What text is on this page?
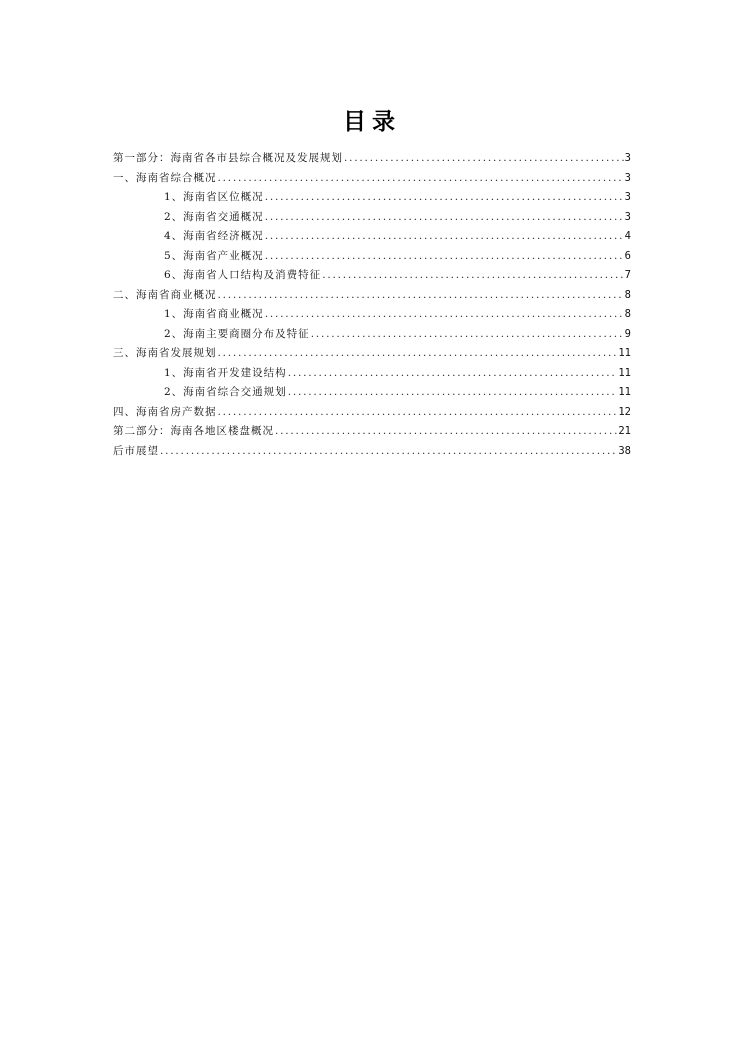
目录
第一部分：海南省各市县综合概况及发展规划 .....	3
一、海南省综合概况 .....	3
1、海南省区位概况 .....	3
2、海南省交通概况 .....	3
4、海南省经济概况 .....	4
5、海南省产业概况 .....	6
6、海南省人口结构及消费特征 .....	7
二、海南省商业概况 .....	8
1、海南省商业概况 .....	8
2、海南主要商圈分布及特征 .....	9
三、海南省发展规划 .....	11
1、海南省开发建设结构 .....	11
2、海南省综合交通规划 .....	11
四、海南省房产数据 .....	12
第二部分：海南各地区楼盘概况 .....	21
后市展望 .....	38
